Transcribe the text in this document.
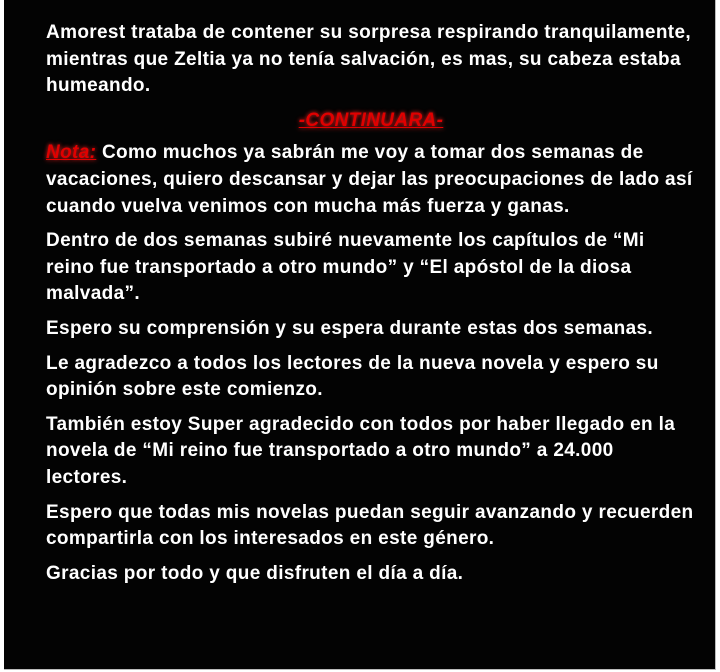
Amorest trataba de contener su sorpresa respirando tranquilamente, mientras que Zeltia ya no tenía salvación, es mas, su cabeza estaba humeando.

-CONTINUARA-

Nota: Como muchos ya sabrán me voy a tomar dos semanas de vacaciones, quiero descansar y dejar las preocupaciones de lado así cuando vuelva venimos con mucha más fuerza y ganas.

Dentro de dos semanas subiré nuevamente los capítulos de “Mi reino fue transportado a otro mundo” y “El apóstol de la diosa malvada”.

Espero su comprensión y su espera durante estas dos semanas.

Le agradezco a todos los lectores de la nueva novela y espero su opinión sobre este comienzo.

También estoy Super agradecido con todos por haber llegado en la novela de “Mi reino fue transportado a otro mundo” a 24.000 lectores.

Espero que todas mis novelas puedan seguir avanzando y recuerden compartirla con los interesados en este género.

Gracias por todo y que disfruten el día a día.
